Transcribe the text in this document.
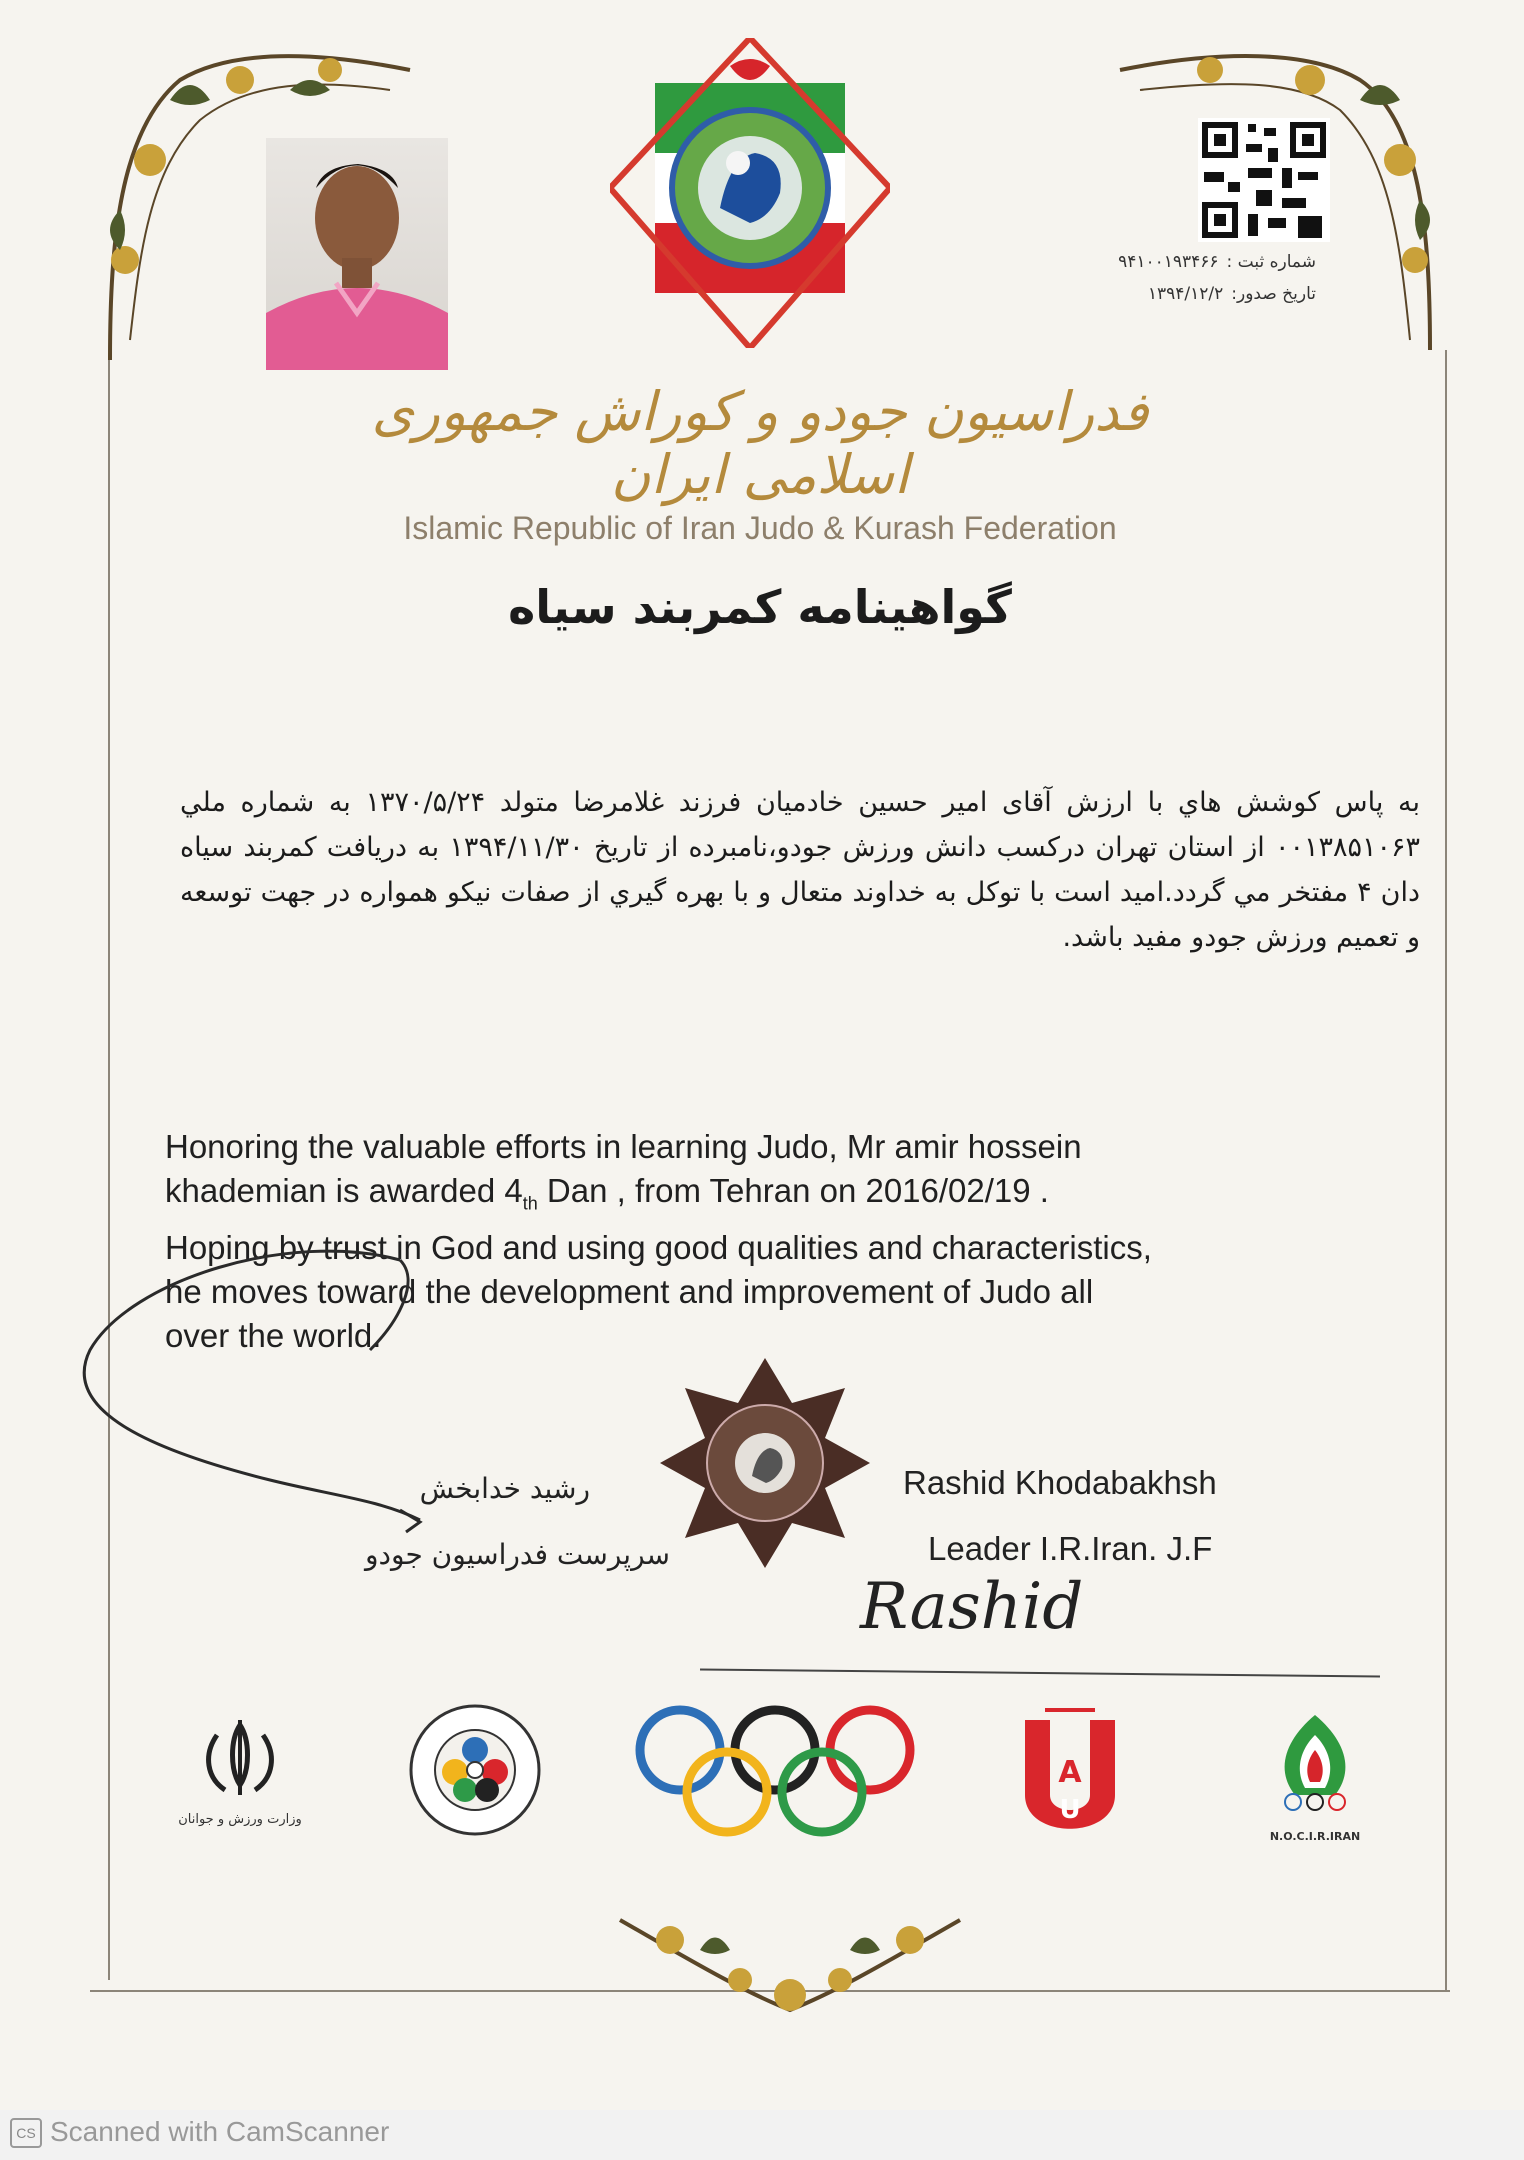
شماره ثبت :۹۴۱۰۰۱۹۳۴۶۶
تاریخ صدور:۱۳۹۴/۱۲/۲
فدراسیون جودو و کوراش جمهوری اسلامی ایران
Islamic Republic of Iran Judo & Kurash Federation
گواهینامه کمربند سیاه
به پاس کوشش هاي با ارزش آقای امیر حسین خادمیان فرزند غلامرضا متولد ۱۳۷۰/۵/۲۴ به شماره ملي ۰۰۱۳۸۵۱۰۶۳ از استان تهران درکسب دانش ورزش جودو،نامبرده از تاریخ ۱۳۹۴/۱۱/۳۰ به دریافت کمربند سیاه دان ۴ مفتخر مي گردد.امید است با توکل به خداوند متعال و با بهره گيري از صفات نیکو همواره در جهت توسعه و تعمیم ورزش جودو مفید باشد.
Honoring the valuable efforts in learning Judo, Mr amir hossein
khademian is awarded $4_{th}$ Dan , from Tehran on 2016/02/19 .
Hoping by trust in God and using good qualities and characteristics,
he moves toward the development and improvement of Judo all
over the world.
رشید خدابخش
سرپرست فدراسیون جودو
Rashid Khodabakhsh
Leader I.R.Iran. J.F
Rashid
وزارت ورزش و جوانان
A
U
N.O.C.I.R.IRAN
CS Scanned with CamScanner
